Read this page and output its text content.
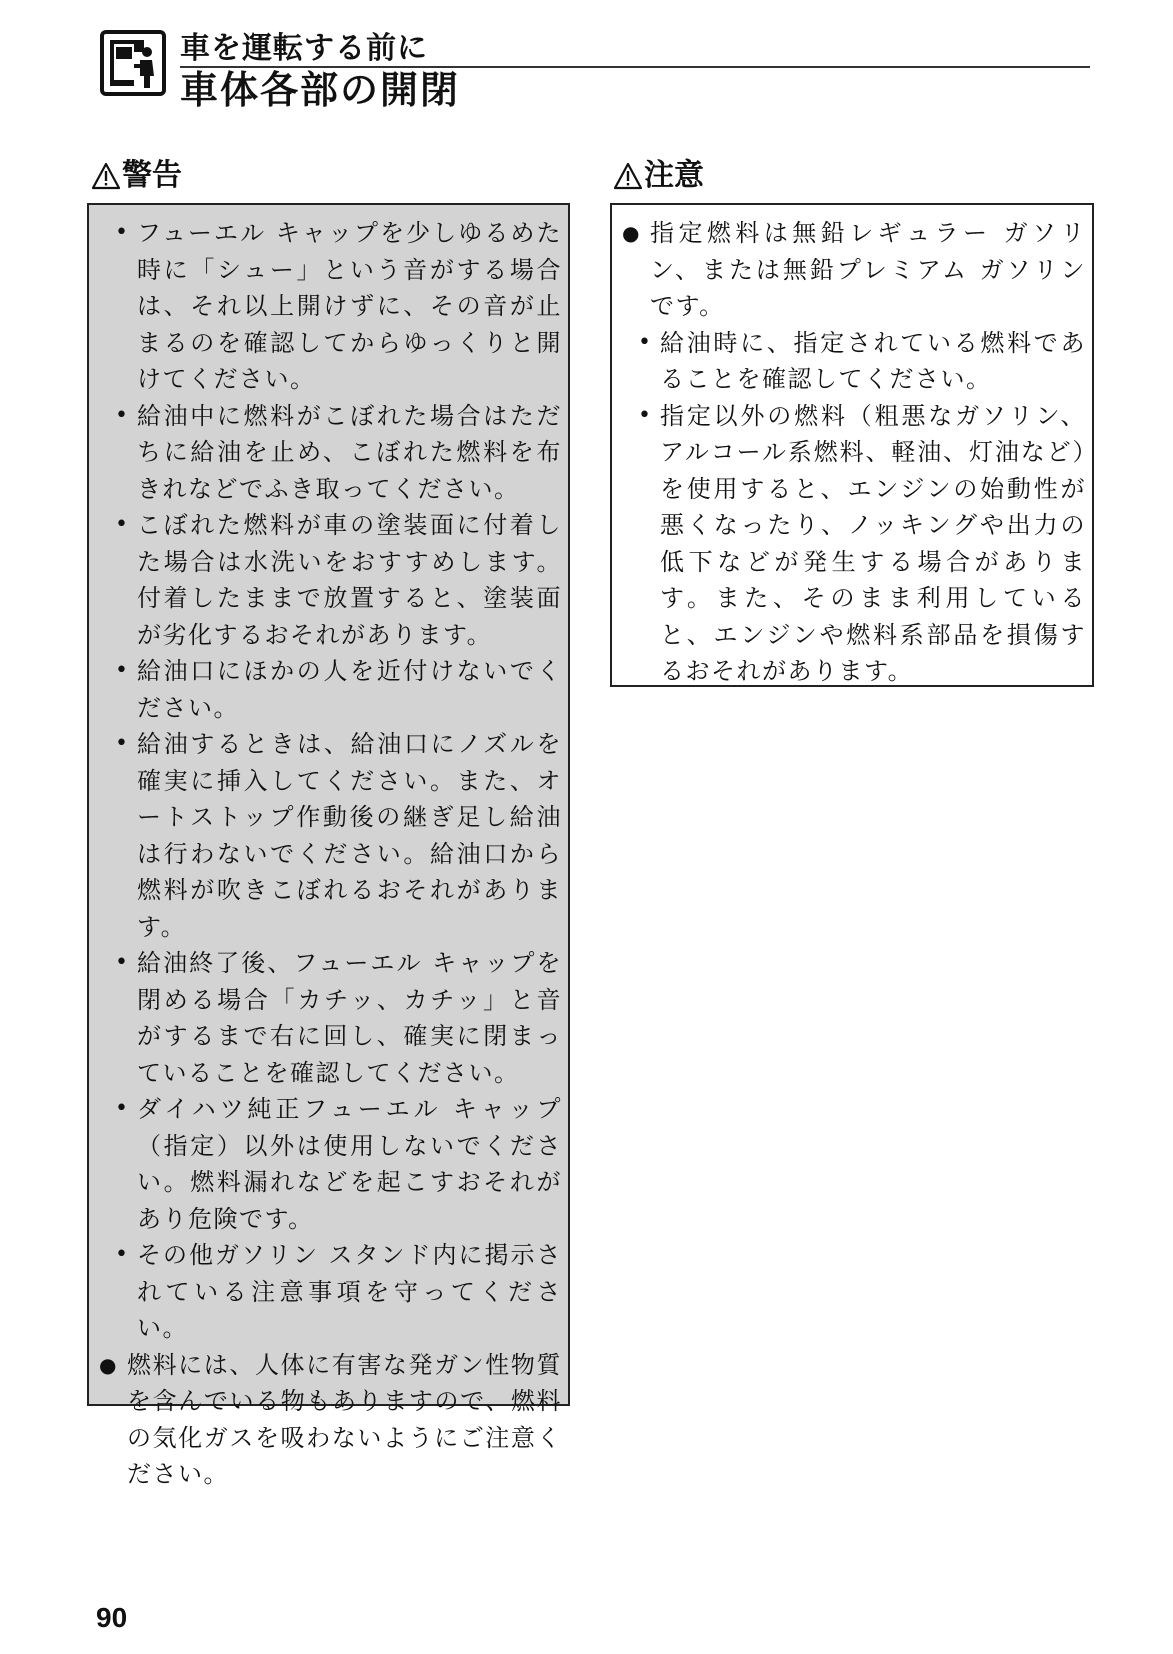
車を運転する前に
車体各部の開閉
警告
• フューエル キャップを少しゆるめた時に「シュー」という音がする場合は、それ以上開けずに、その音が止まるのを確認してからゆっくりと開けてください。
• 給油中に燃料がこぼれた場合はただちに給油を止め、こぼれた燃料を布きれなどでふき取ってください。
• こぼれた燃料が車の塗装面に付着した場合は水洗いをおすすめします。付着したままで放置すると、塗装面が劣化するおそれがあります。
• 給油口にほかの人を近付けないでください。
• 給油するときは、給油口にノズルを確実に挿入してください。また、オートストップ作動後の継ぎ足し給油は行わないでください。給油口から燃料が吹きこぼれるおそれがあります。
• 給油終了後、フューエル キャップを閉める場合「カチッ、カチッ」と音がするまで右に回し、確実に閉まっていることを確認してください。
• ダイハツ純正フューエル キャップ（指定）以外は使用しないでください。燃料漏れなどを起こすおそれがあり危険です。
• その他ガソリン スタンド内に掲示されている注意事項を守ってください。
● 燃料には、人体に有害な発ガン性物質を含んでいる物もありますので、燃料の気化ガスを吸わないようにご注意ください。
注意
● 指定燃料は無鉛レギュラー ガソリン、または無鉛プレミアム ガソリンです。
• 給油時に、指定されている燃料であることを確認してください。
• 指定以外の燃料（粗悪なガソリン、アルコール系燃料、軽油、灯油など）を使用すると、エンジンの始動性が悪くなったり、ノッキングや出力の低下などが発生する場合があります。また、そのまま利用していると、エンジンや燃料系部品を損傷するおそれがあります。
90
